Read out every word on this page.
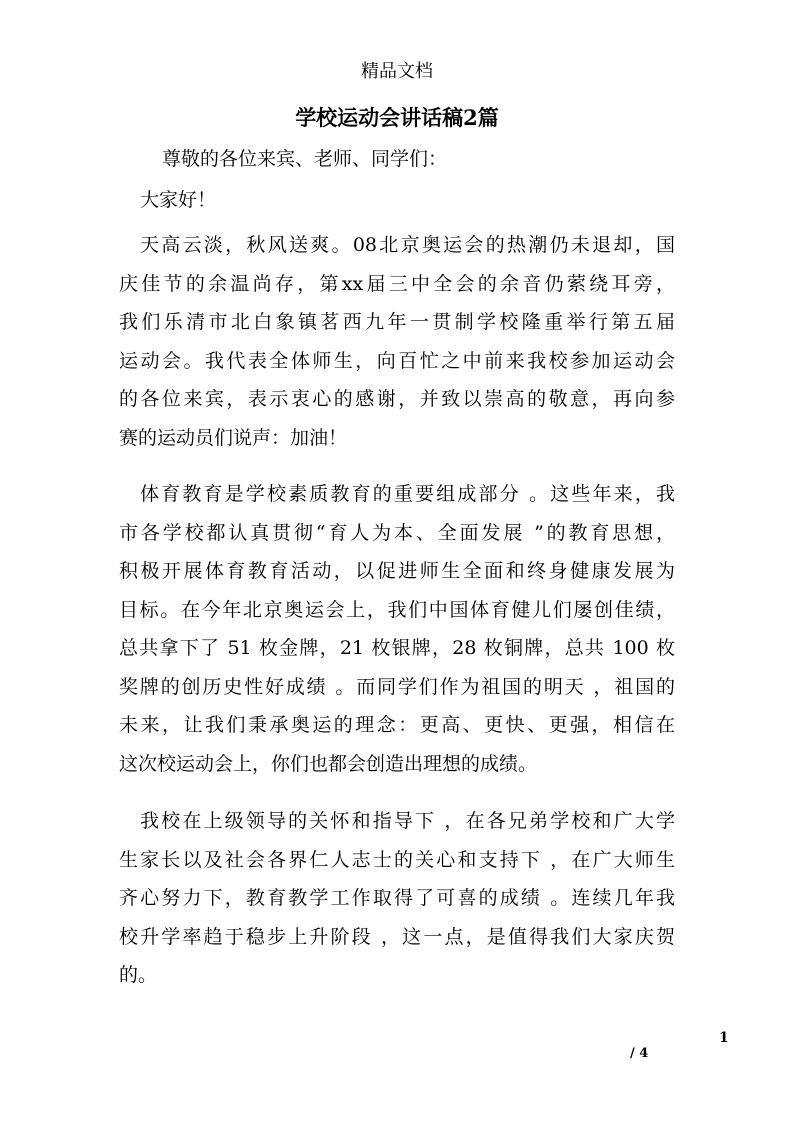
精品文档
学校运动会讲话稿2篇
尊敬的各位来宾、老师、同学们：
大家好！
天高云淡，秋风送爽。08北京奥运会的热潮仍未退却，国
庆佳节的余温尚存，第xx届三中全会的余音仍萦绕耳旁，
我们乐清市北白象镇茗西九年一贯制学校隆重举行第五届
运动会。我代表全体师生，向百忙之中前来我校参加运动会
的各位来宾，表示衷心的感谢，并致以崇高的敬意，再向参
赛的运动员们说声：加油！
体育教育是学校素质教育的重要组成部分 。这些年来，我
市各学校都认真贯彻“育人为本、全面发展 ”的教育思想，
积极开展体育教育活动，以促进师生全面和终身健康发展为
目标。在今年北京奥运会上，我们中国体育健儿们屡创佳绩，
总共拿下了 51 枚金牌，21 枚银牌，28 枚铜牌，总共 100 枚
奖牌的创历史性好成绩 。而同学们作为祖国的明天 ，祖国的
未来，让我们秉承奥运的理念：更高、更快、更强，相信在
这次校运动会上，你们也都会创造出理想的成绩。
我校在上级领导的关怀和指导下 ，在各兄弟学校和广大学
生家长以及社会各界仁人志士的关心和支持下 ，在广大师生
齐心努力下，教育教学工作取得了可喜的成绩 。连续几年我
校升学率趋于稳步上升阶段 ，这一点，是值得我们大家庆贺
的。
1
/ 4
